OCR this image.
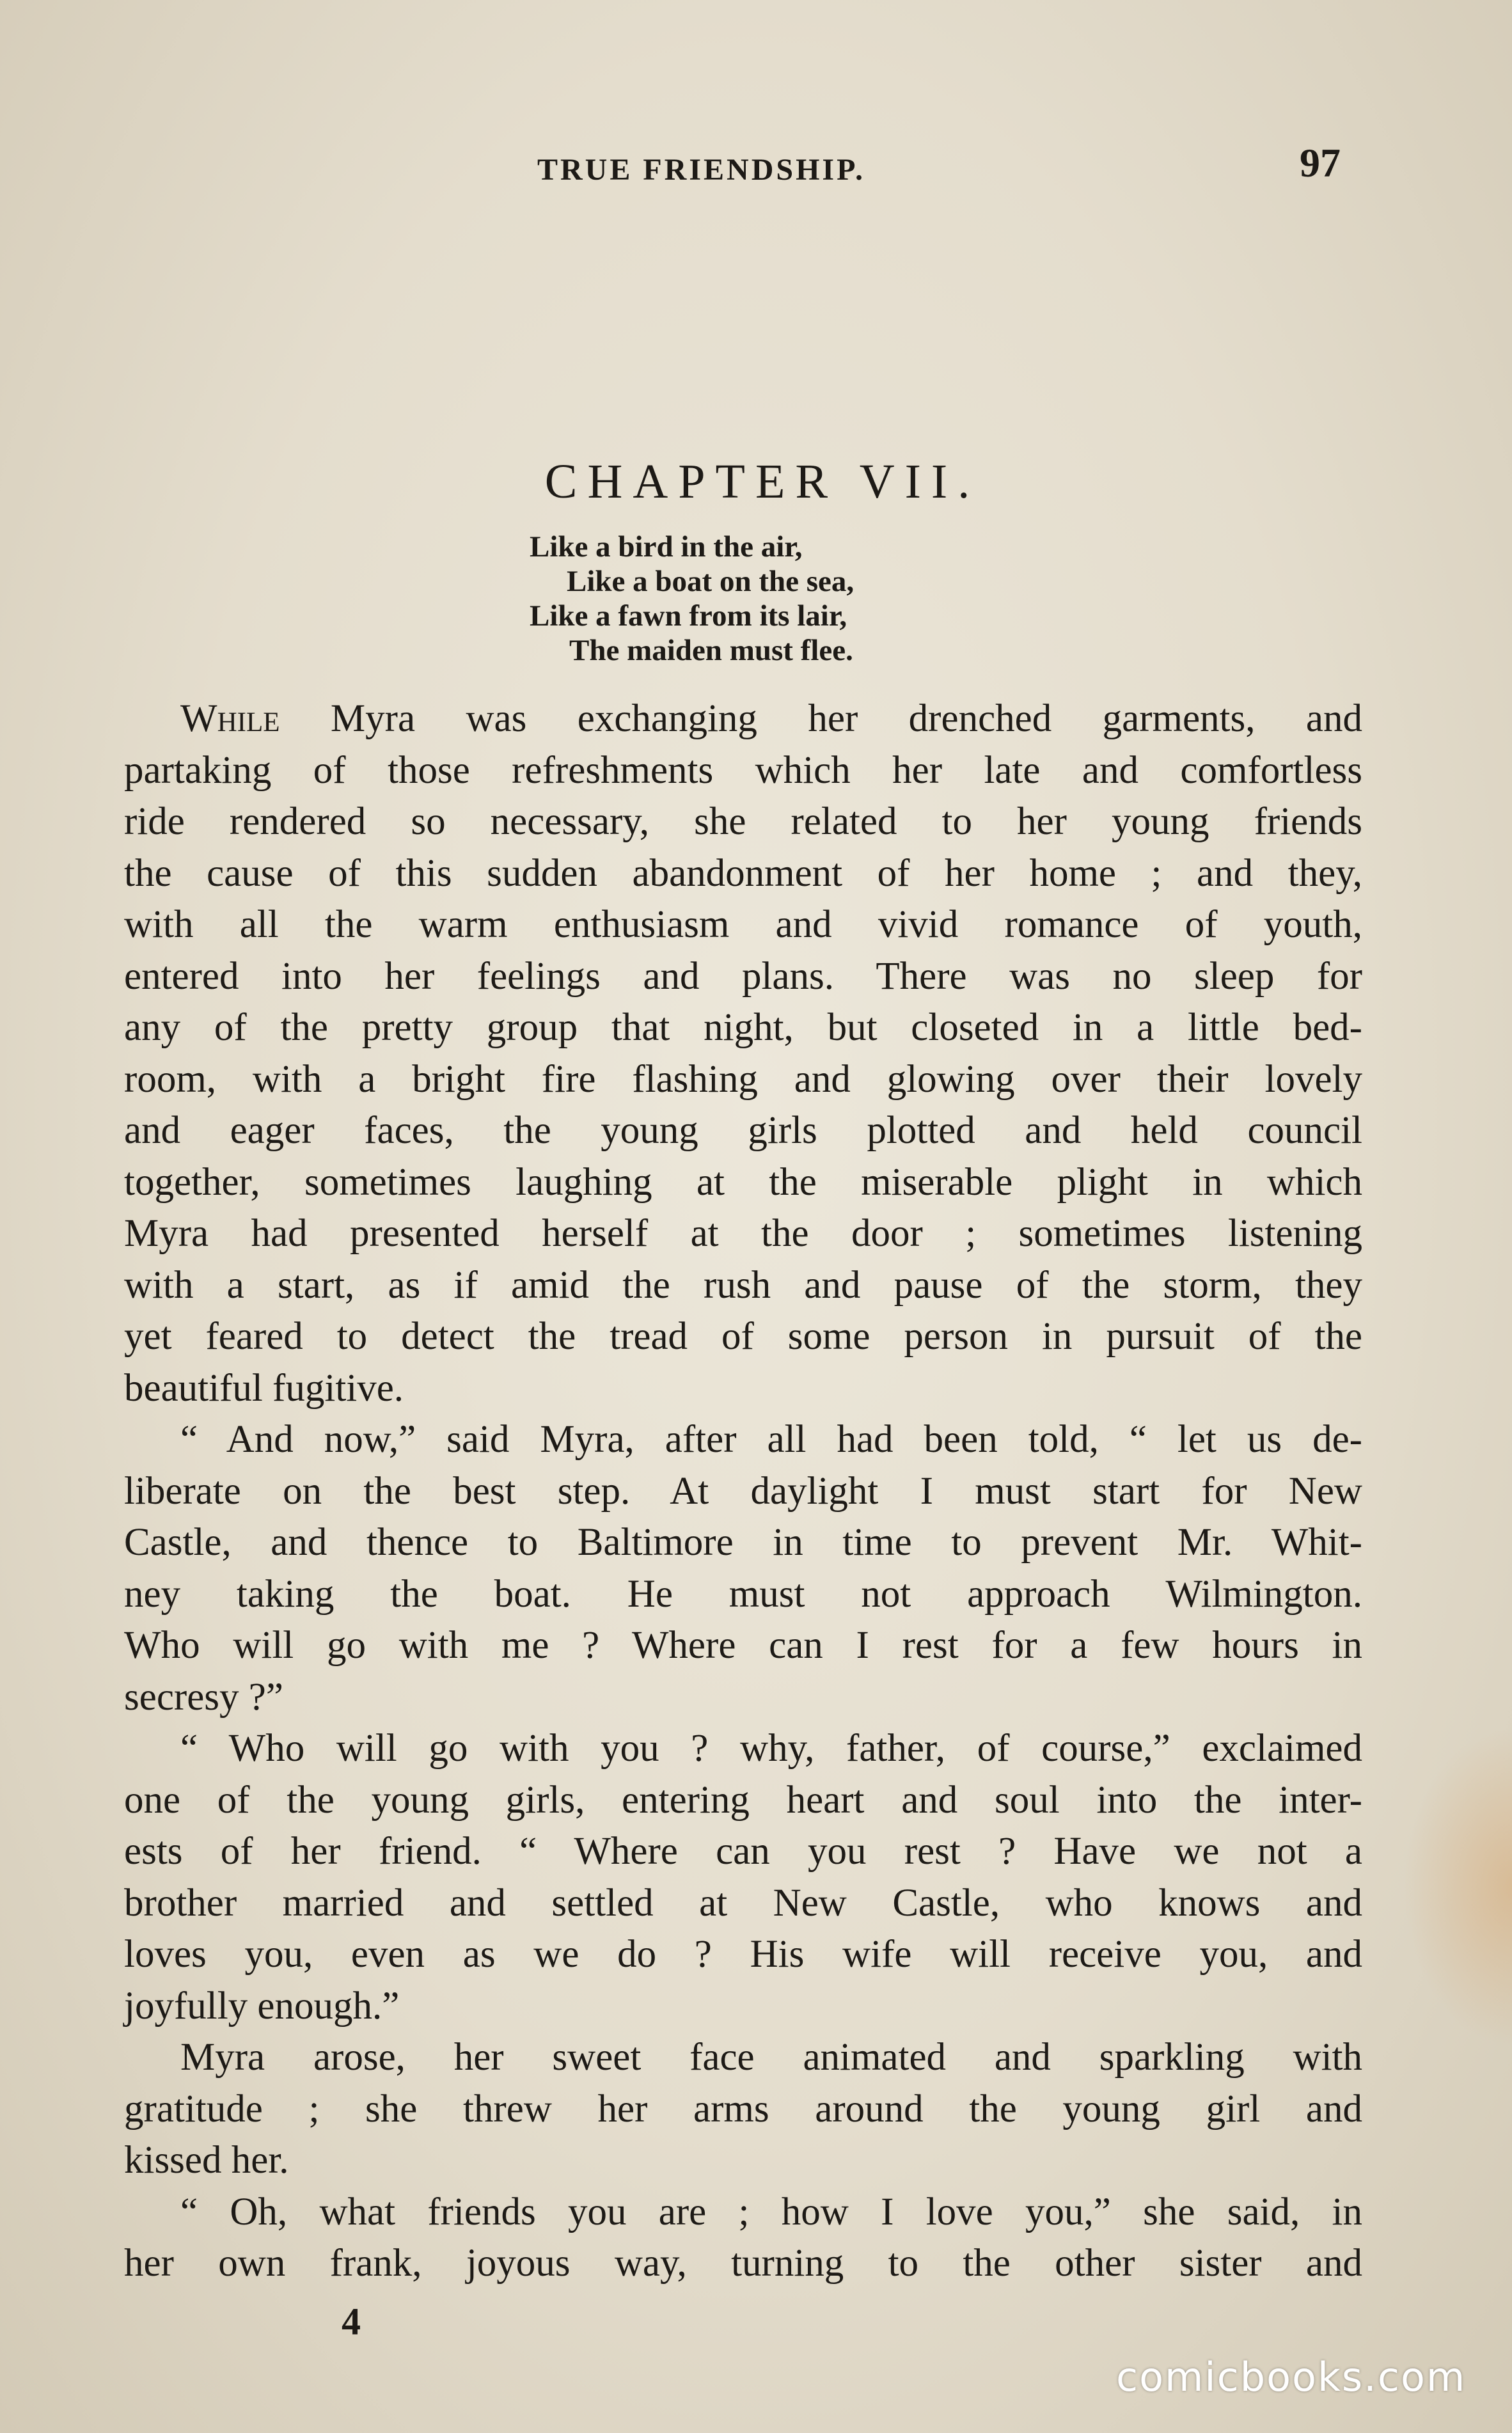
TRUE FRIENDSHIP.	97
CHAPTER VII.
Like a bird in the air,
Like a boat on the sea,
Like a fawn from its lair,
The maiden must flee.
While Myra was exchanging her drenched garments, and
partaking of those refreshments which her late and comfortless
ride rendered so necessary, she related to her young friends
the cause of this sudden abandonment of her home ; and they,
with all the warm enthusiasm and vivid romance of youth,
entered into her feelings and plans. There was no sleep for
any of the pretty group that night, but closeted in a little bed-
room, with a bright fire flashing and glowing over their lovely
and eager faces, the young girls plotted and held council
together, sometimes laughing at the miserable plight in which
Myra had presented herself at the door ; sometimes listening
with a start, as if amid the rush and pause of the storm, they
yet feared to detect the tread of some person in pursuit of the
beautiful fugitive.
“ And now,” said Myra, after all had been told, “ let us de-
liberate on the best step. At daylight I must start for New
Castle, and thence to Baltimore in time to prevent Mr. Whit-
ney taking the boat. He must not approach Wilmington.
Who will go with me ? Where can I rest for a few hours in
secresy ?”
“ Who will go with you ? why, father, of course,” exclaimed
one of the young girls, entering heart and soul into the inter-
ests of her friend. “ Where can you rest ? Have we not a
brother married and settled at New Castle, who knows and
loves you, even as we do ? His wife will receive you, and
joyfully enough.”
Myra arose, her sweet face animated and sparkling with
gratitude ; she threw her arms around the young girl and
kissed her.
“ Oh, what friends you are ; how I love you,” she said, in
her own frank, joyous way, turning to the other sister and
4
comicbooks.com
